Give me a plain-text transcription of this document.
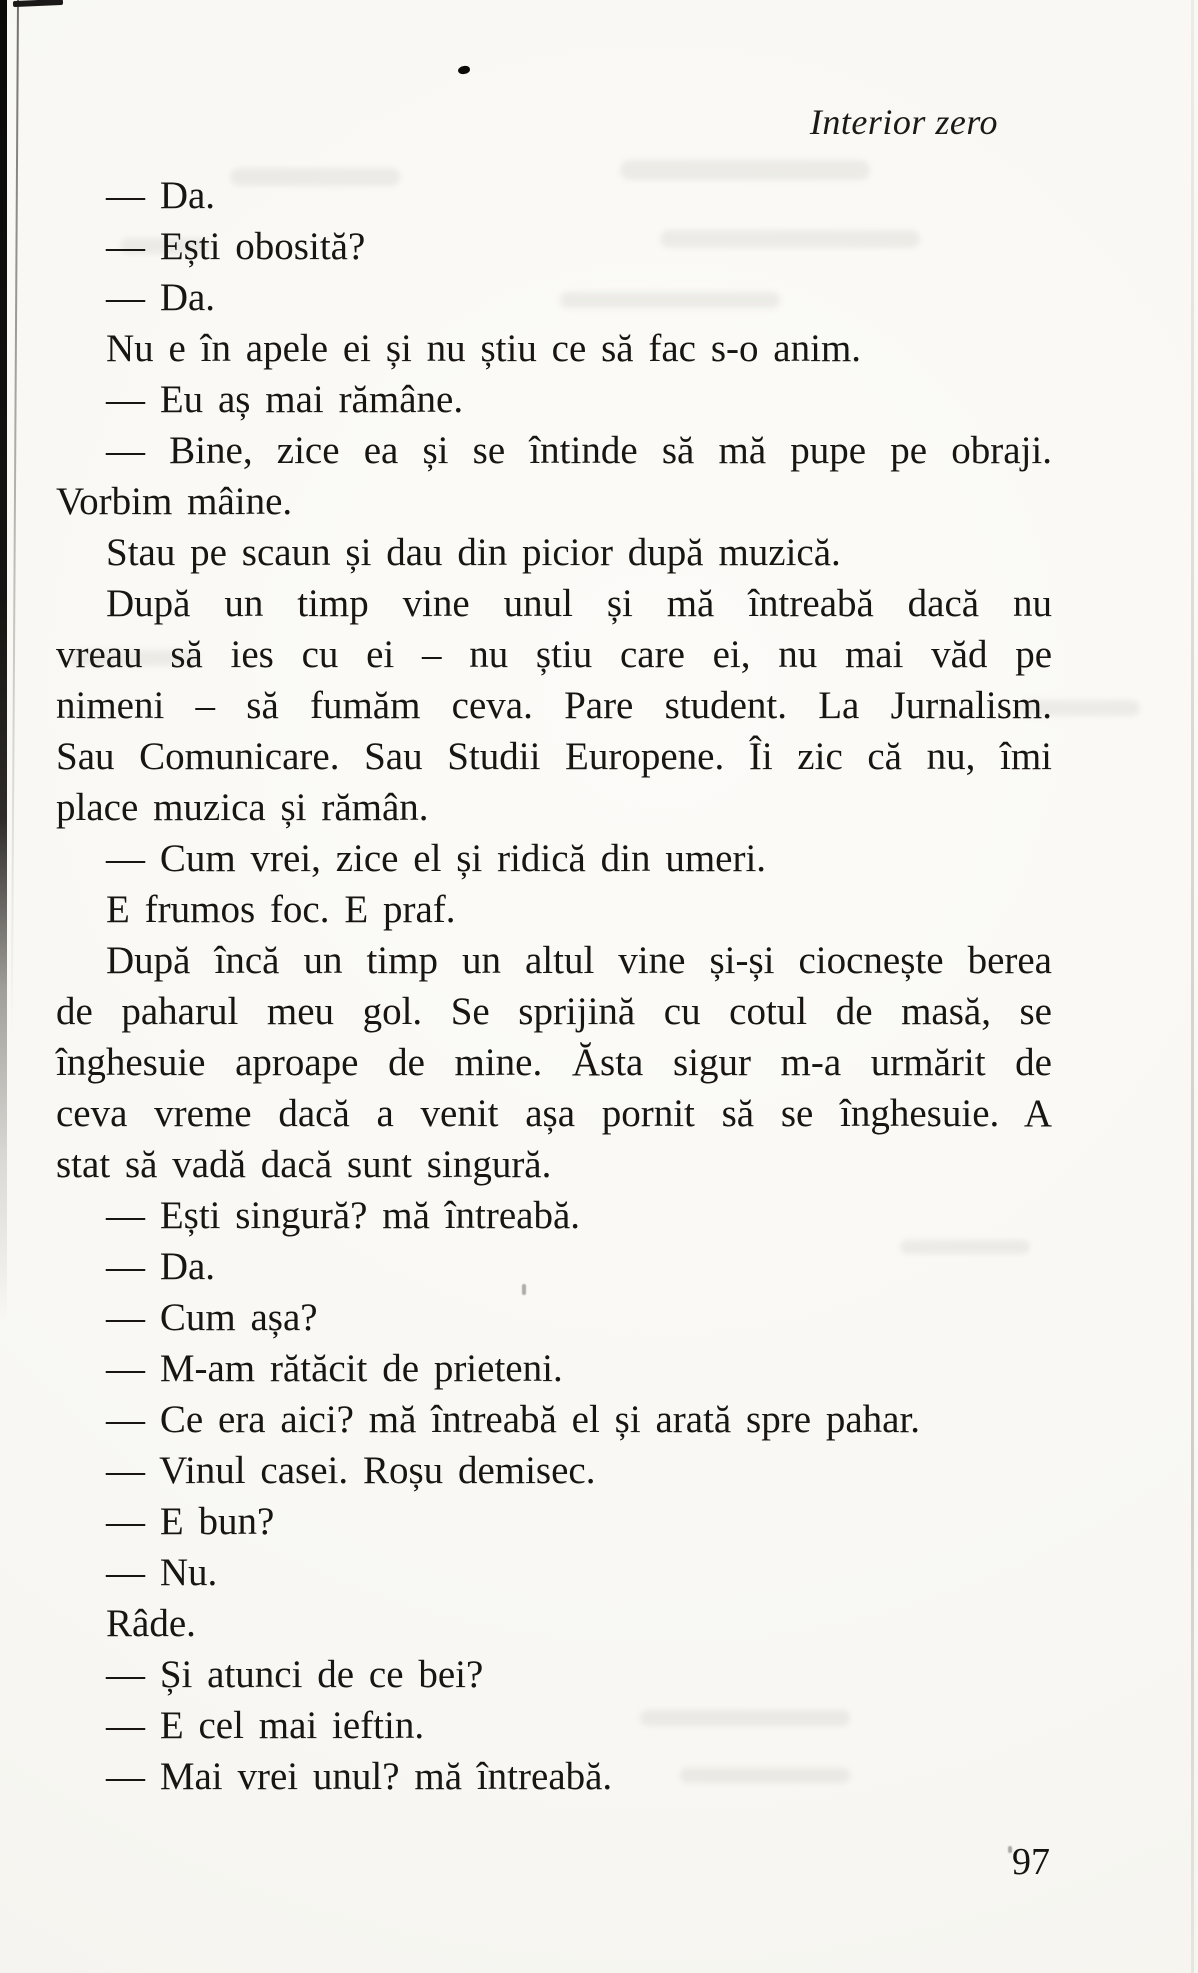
Interior zero
— Da.
— Ești obosită?
— Da.
Nu e în apele ei și nu știu ce să fac s-o anim.
— Eu aș mai rămâne.
— Bine, zice ea și se întinde să mă pupe pe obraji.
Vorbim mâine.
Stau pe scaun și dau din picior după muzică.
După un timp vine unul și mă întreabă dacă nu
vreau să ies cu ei – nu știu care ei, nu mai văd pe
nimeni – să fumăm ceva. Pare student. La Jurnalism.
Sau Comunicare. Sau Studii Europene. Îi zic că nu, îmi
place muzica și rămân.
— Cum vrei, zice el și ridică din umeri.
E frumos foc. E praf.
După încă un timp un altul vine și-și ciocnește berea
de paharul meu gol. Se sprijină cu cotul de masă, se
înghesuie aproape de mine. Ăsta sigur m-a urmărit de
ceva vreme dacă a venit așa pornit să se înghesuie. A
stat să vadă dacă sunt singură.
— Ești singură? mă întreabă.
— Da.
— Cum așa?
— M-am rătăcit de prieteni.
— Ce era aici? mă întreabă el și arată spre pahar.
— Vinul casei. Roșu demisec.
— E bun?
— Nu.
Râde.
— Și atunci de ce bei?
— E cel mai ieftin.
— Mai vrei unul? mă întreabă.
97
